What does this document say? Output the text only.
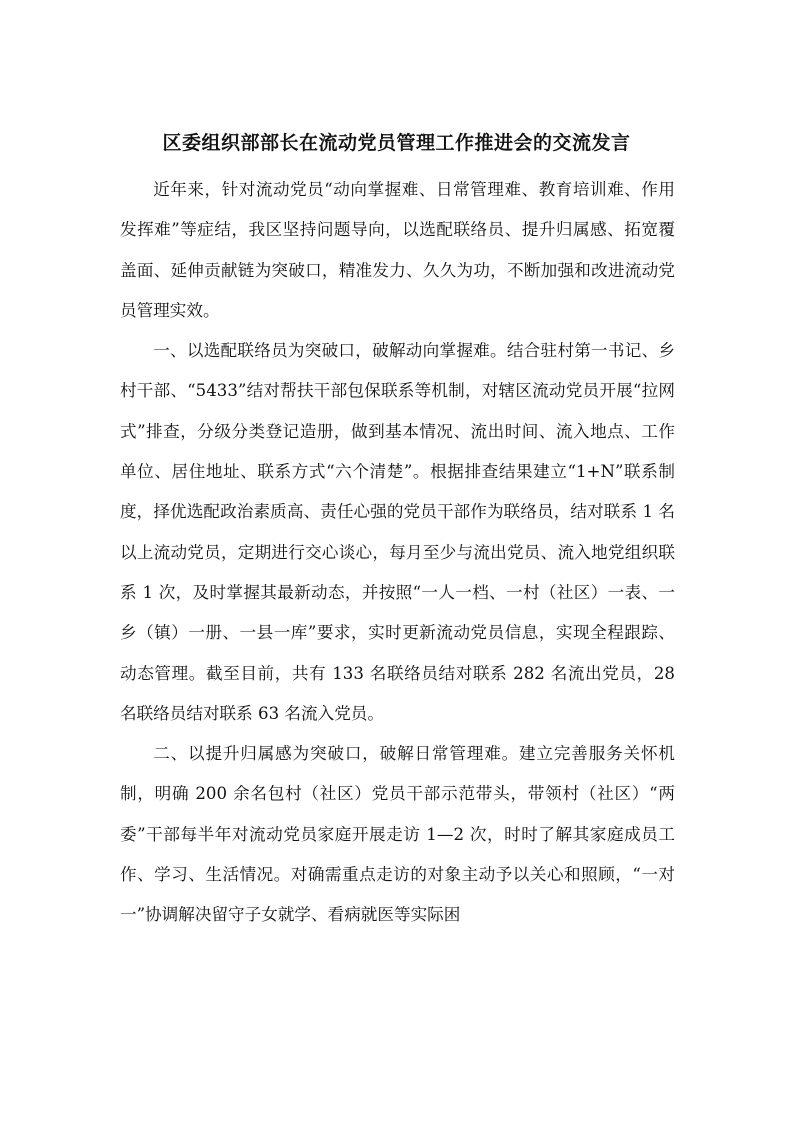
区委组织部部长在流动党员管理工作推进会的交流发言

近年来，针对流动党员“动向掌握难、日常管理难、教育培训难、作用发挥难”等症结，我区坚持问题导向，以选配联络员、提升归属感、拓宽覆盖面、延伸贡献链为突破口，精准发力、久久为功，不断加强和改进流动党员管理实效。

一、以选配联络员为突破口，破解动向掌握难。结合驻村第一书记、乡村干部、“5433”结对帮扶干部包保联系等机制，对辖区流动党员开展“拉网式”排查，分级分类登记造册，做到基本情况、流出时间、流入地点、工作单位、居住地址、联系方式“六个清楚”。根据排查结果建立“1+N”联系制度，择优选配政治素质高、责任心强的党员干部作为联络员，结对联系 1 名以上流动党员，定期进行交心谈心，每月至少与流出党员、流入地党组织联系 1 次，及时掌握其最新动态，并按照“一人一档、一村（社区）一表、一乡（镇）一册、一县一库”要求，实时更新流动党员信息，实现全程跟踪、动态管理。截至目前，共有 133 名联络员结对联系 282 名流出党员，28 名联络员结对联系 63 名流入党员。

二、以提升归属感为突破口，破解日常管理难。建立完善服务关怀机制，明确 200 余名包村（社区）党员干部示范带头，带领村（社区）“两委”干部每半年对流动党员家庭开展走访 1—2 次，时时了解其家庭成员工作、学习、生活情况。对确需重点走访的对象主动予以关心和照顾，“一对一”协调解决留守子女就学、看病就医等实际困
